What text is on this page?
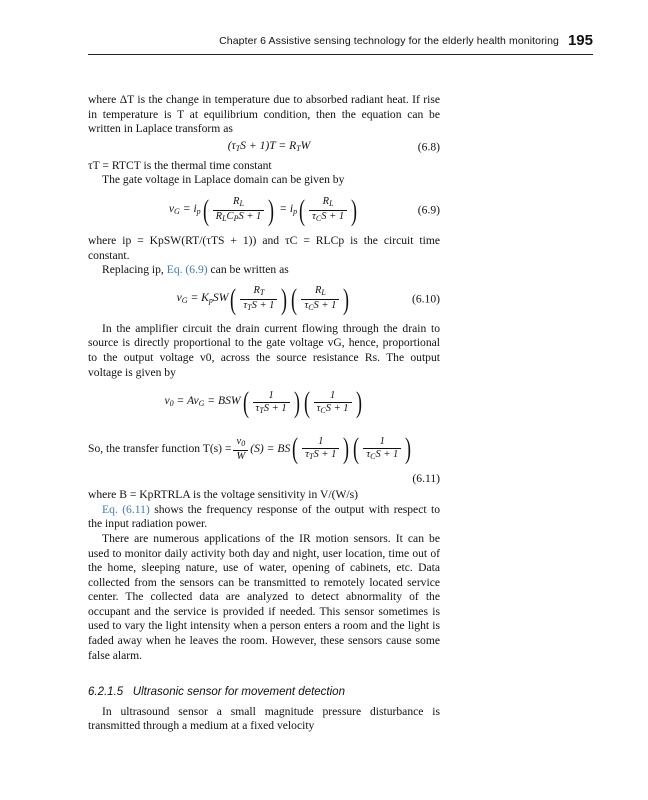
Chapter 6 Assistive sensing technology for the elderly health monitoring 195

where ΔT is the change in temperature due to absorbed radiant heat. If rise in temperature is T at equilibrium condition, then the equation can be written in Laplace transform as

$(\tau_TS + 1)T = R_TW$	(6.8)

τT = RTCT is the thermal time constant

The gate voltage in Laplace domain can be given by

$v_G = i_p$ ( $\frac{R_L}{R_LC_PS + 1}$ ) = $i_p$ ( $\frac{R_L}{\tau_CS + 1}$ )	(6.9)

where ip = KpSW(RT/(τTS + 1)) and τC = RLCp is the circuit time constant.

Replacing ip, Eq. (6.9) can be written as

$v_G = K_pSW$ ( $\frac{R_T}{\tau_TS + 1}$ ) ( $\frac{R_L}{\tau_CS + 1}$ )	(6.10)

In the amplifier circuit the drain current flowing through the drain to source is directly proportional to the gate voltage vG, hence, proportional to the output voltage v0, across the source resistance Rs. The output voltage is given by

$v0 = Av_G$ = BSW ( $\frac{1}{\tau_TS + 1}$ ) ( $\frac{1}{\tau_CS + 1}$ )
So, the transfer function $T(s) = \frac{v0}{W} (S)$ = BS ( $\frac{1}{\tau_TS + 1}$ ) ( $\frac{1}{\tau_CS + 1}$ )
(6.11)

where B = KpRTRLA is the voltage sensitivity in V/(W/s)

Eq. (6.11) shows the frequency response of the output with respect to the input radiation power.

There are numerous applications of the IR motion sensors. It can be used to monitor daily activity both day and night, user location, time out of the home, sleeping nature, use of water, opening of cabinets, etc. Data collected from the sensors can be transmitted to remotely located service center. The collected data are analyzed to detect abnormality of the occupant and the service is provided if needed. This sensor sometimes is used to vary the light intensity when a person enters a room and the light is faded away when he leaves the room. However, these sensors cause some false alarm.

6.2.1.5 Ultrasonic sensor for movement detection

In ultrasound sensor a small magnitude pressure disturbance is transmitted through a medium at a fixed velocity
